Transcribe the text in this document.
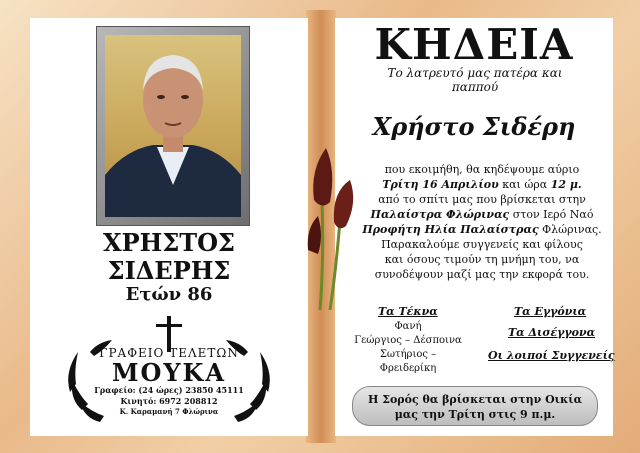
ΧΡΗΣΤΟΣ
ΣΙΔΕΡΗΣ
Ετών 86
ΓΡΑΦΕΙΟ ΤΕΛΕΤΩΝ
ΜΟΥΚΑ
Γραφείο: (24 ώρες) 23850 45111
Κινητό: 6972 208812
Κ. Καραμανή 7 Φλώρινα
ΚΗΔΕΙΑ
Το λατρευτό μας πατέρα και
παππού
Χρήστο Σιδέρη
που εκοιμήθη, θα κηδέψουμε αύριο
Τρίτη 16 Απριλίου και ώρα 12 μ.
από το σπίτι μας που βρίσκεται στην
Παλαίστρα Φλώρινας στον Ιερό Ναό
Προφήτη Ηλία Παλαίστρας Φλώρινας.
Παρακαλούμε συγγενείς και φίλους
και όσους τιμούν τη μνήμη του, να
συνοδέψουν μαζί μας την εκφορά του.
Τα Τέκνα
Φανή
Γεώργιος – Δέσποινα
Σωτήριος – Φρειδερίκη
Τα Εγγόνια
Τα Δισέγγονα
Οι λοιποί Συγγενείς
Η Σορός θα βρίσκεται στην Οικία
μας την Τρίτη στις 9 π.μ.
